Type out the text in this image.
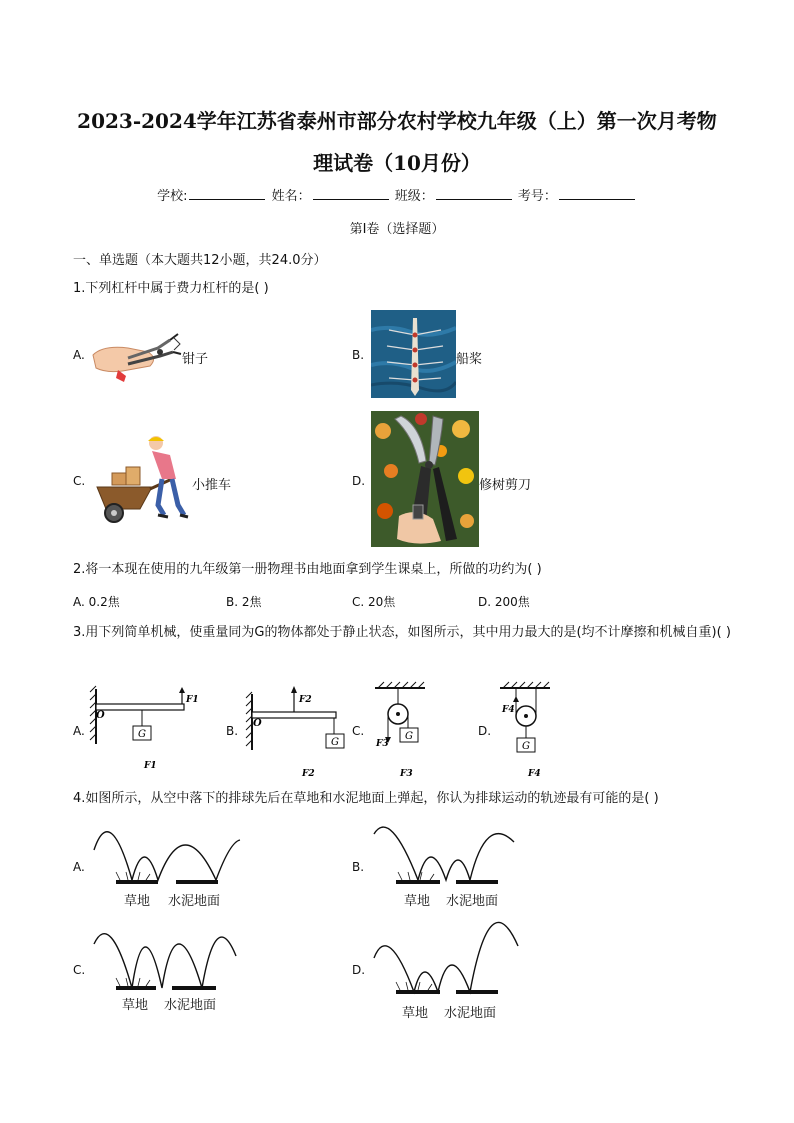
2023-2024学年江苏省泰州市部分农村学校九年级（上）第一次月考物
理试卷（10月份）
学校:	姓名：	班级：	考号：
第I卷（选择题）
一、单选题（本大题共12小题，共24.0分）
1.下列杠杆中属于费力杠杆的是( )
A.	钳子	B.	船桨
C.	小推车	D.	修树剪刀
2.将一本现在使用的九年级第一册物理书由地面拿到学生课桌上，所做的功约为( )
A. 0.2焦	B. 2焦	C. 20焦	D. 200焦
3.用下列简单机械，使重量同为G的物体都处于静止状态，如图所示，其中用力最大的是(均不计摩擦和机械自重)( )
A.
O
G
F1
F1
B.
O
F2
G
F2
C.
F3
G
F3
D.
F4
G
F4
4.如图所示，从空中落下的排球先后在草地和水泥地面上弹起，你认为排球运动的轨迹最有可能的是( )
A.
草地 水泥地面
B.
草地 水泥地面
C.
草地 水泥地面
D.
草地 水泥地面
